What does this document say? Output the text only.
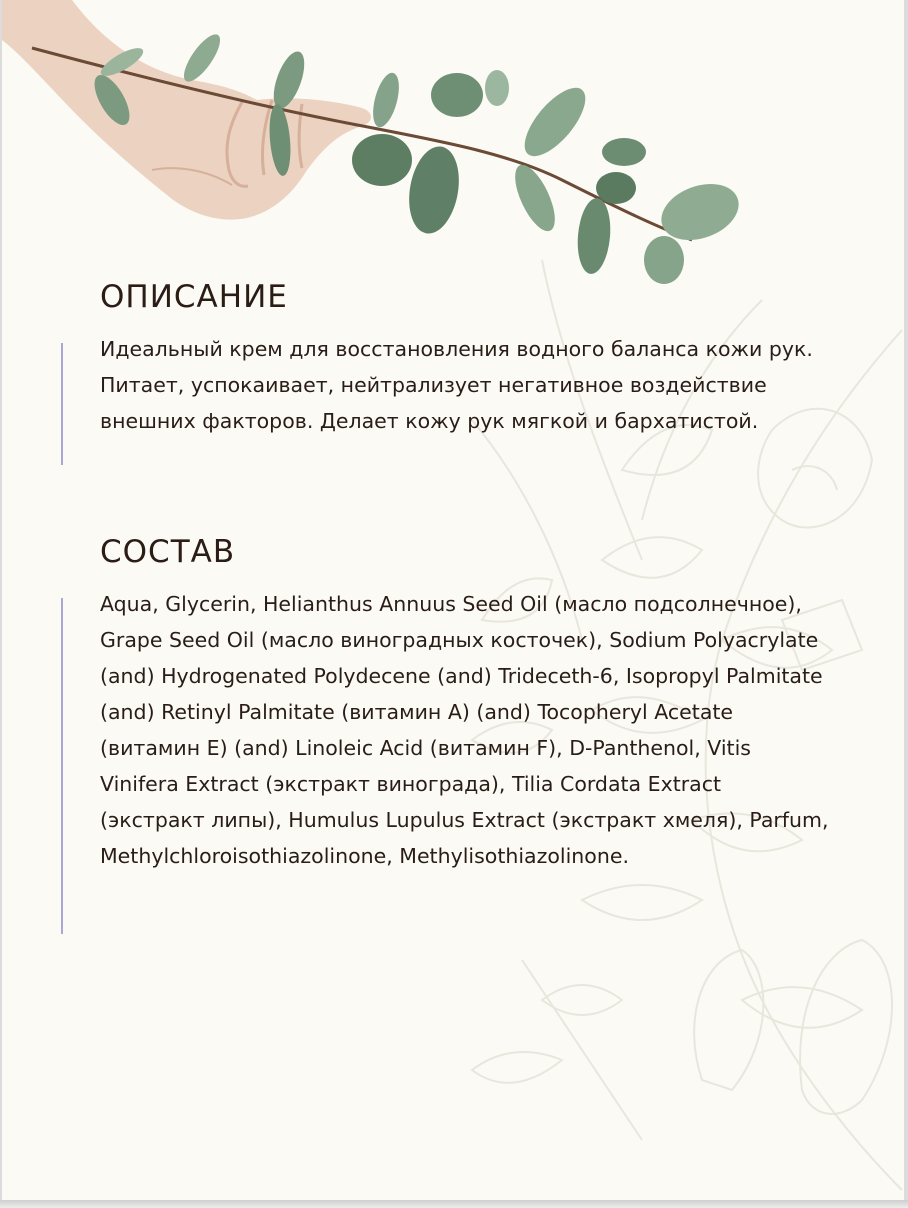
ОПИСАНИЕ

Идеальный крем для восстановления водного баланса кожи рук. Питает, успокаивает, нейтрализует негативное воздействие внешних факторов. Делает кожу рук мягкой и бархатистой.

СОСТАВ

Aqua, Glycerin, Helianthus Annuus Seed Oil (масло подсолнечное), Grape Seed Oil (масло виноградных косточек), Sodium Polyacrylate (and) Hydrogenated Polydecene (and) Trideceth-6, Isopropyl Palmitate (and) Retinyl Palmitate (витамин А) (and) Tocopheryl Acetate (витамин E) (and) Linoleic Acid (витамин F), D-Panthenol, Vitis Vinifera Extract (экстракт винограда), Tilia Cordata Extract (экстракт липы), Humulus Lupulus Extract (экстракт хмеля), Parfum, Methylchloroisothiazolinone, Methylisothiazolinone.
